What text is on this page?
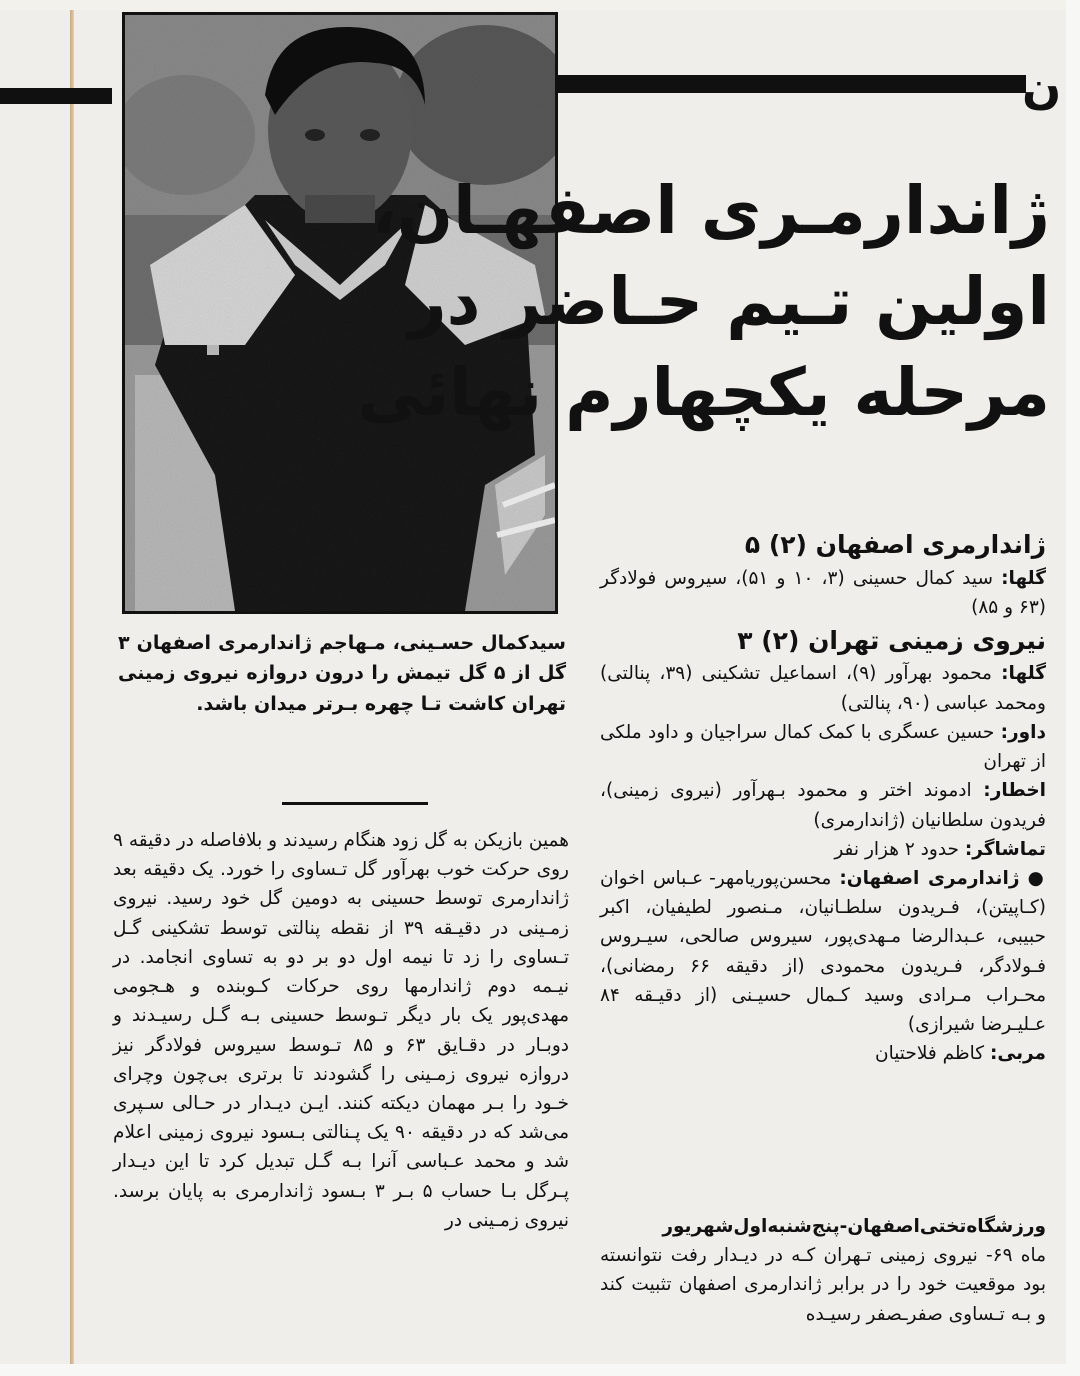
ن
ژاندارمـری اصفهـان،
اولین تـیم حـاضر در
مرحله یکچهارم نهائی
سیدکمال حسـینی، مـهاجم ژاندارمری اصفهان ۳ گل از ۵ گل تیمش را درون دروازه نیروی زمینی تهران کاشت تـا چهره بـرتر میدان باشد.
همین بازیکن به گل زود هنگام رسیدند و بلافاصله در دقیقه ۹ روی حرکت خوب بهرآور گل تـساوی را خورد. یک دقیقه بعد ژاندارمری توسط حسینی به دومین گل خود رسید. نیروی زمـینی در دقیـقه ۳۹ از نقطه پنالتی توسط تشکینی گـل تـساوی را زد تا نیمه اول دو بر دو به تساوی انجامد. در نیـمه دوم ژاندارمها روی حرکات کـوبنده و هـجومی مهدی‌پور یک بار دیگر تـوسط حسینی بـه گـل رسیـدند و دوبـار در دقـایق ۶۳ و ۸۵ تـوسط سیروس فولادگر نیز دروازه نیروی زمـینی را گشودند تا برتری بی‌چون وچرای خـود را بـر مهمان دیکته کنند. ایـن دیـدار در حـالی سـپری می‌شد که در دقیقه ۹۰ یک پـنالتی بـسود نیروی زمینی اعلام شد و محمد عـباسی آنرا بـه گـل تبدیل کرد تا این دیـدار پـرگل بـا حساب ۵ بـر ۳ بـسود ژاندارمری به پایان برسد. نیروی زمـینی در
ژاندارمری اصفهان (۲) ۵
گلها: سید کمال حسینی (۳، ۱۰ و ۵۱)، سیروس فولادگر (۶۳ و ۸۵)
نیروی زمینی تهران (۲) ۳
گلها: محمود بهرآور (۹)، اسماعیل تشکینی (۳۹، پنالتی) ومحمد عباسی (۹۰، پنالتی)
داور: حسین عسگری با کمک کمال سراجیان و داود ملکی از تهران
اخطار: ادموند اختر و محمود بـهرآور (نیروی زمینی)، فریدون سلطانیان (ژاندارمری)
تماشاگر: حدود ۲ هزار نفر
● ژاندارمری اصفهان: محسن‌پوریامهر- عـباس اخوان (کـاپیتن)، فـریدون سلطـانیان، مـنصور لطیفیان، اکبر حبیبی، عـبدالرضا مـهدی‌پور، سیروس صالحی، سیـروس فـولادگر، فـریدون محمودی (از دقیقه ۶۶ رمضانی)، محـراب مـرادی وسید کـمال حسیـنی (از دقیـقه ۸۴ عـلیـرضا شیرازی)
مربی: کاظم فلاحتیان
ورزشگاه‌تختی‌اصفهان-پنج‌شنبه‌اول‌شهریور
ماه ۶۹- نیروی زمینی تـهران کـه در دیـدار رفت نتوانسته بود موقعیت خود را در برابر ژاندارمری اصفهان تثبیت کند و بـه تـساوی صفرـصفر رسیـده
